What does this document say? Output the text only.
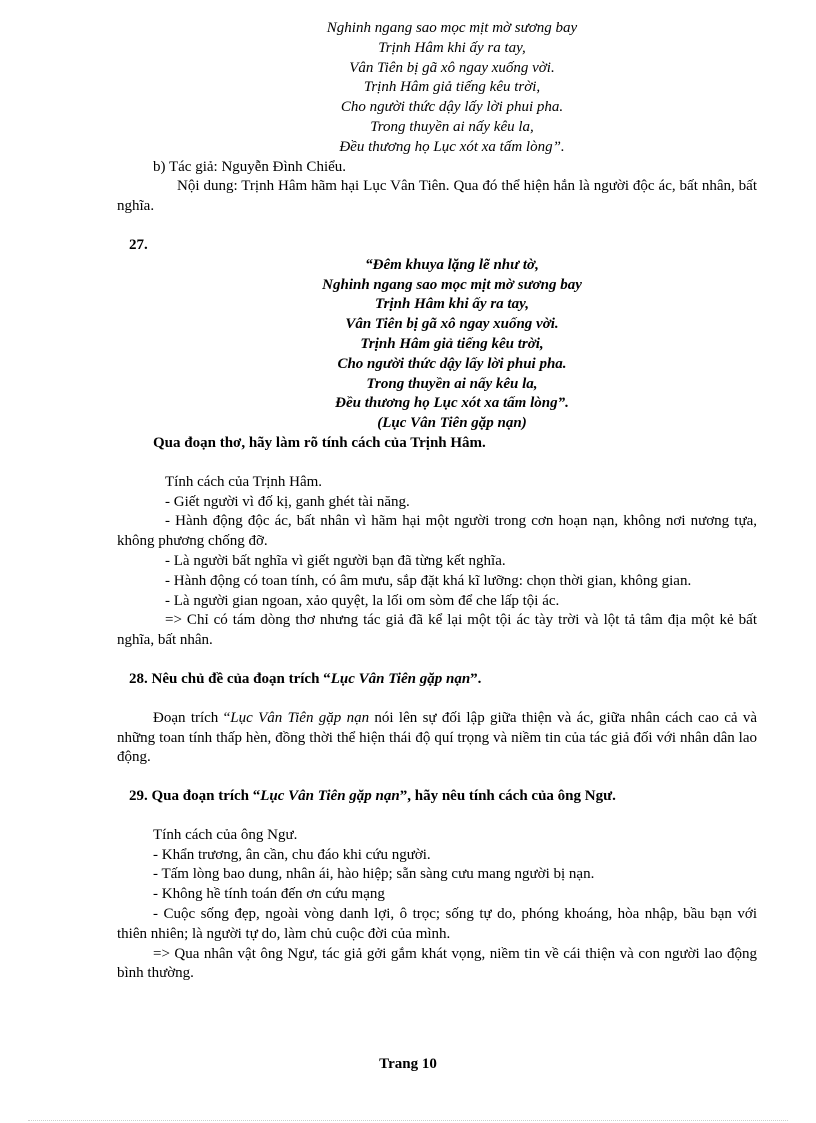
Nghinh ngang sao mọc mịt mờ sương bay
Trịnh Hâm khi ấy ra tay,
Vân Tiên bị gã xô ngay xuống vời.
Trịnh Hâm giả tiếng kêu trời,
Cho người thức dậy lấy lời phui pha.
Trong thuyền ai nấy kêu la,
Đều thương họ Lục xót xa tấm lòng”.

b) Tác giả: Nguyễn Đình Chiểu.

Nội dung: Trịnh Hâm hãm hại Lục Vân Tiên. Qua đó thể hiện hắn là người độc ác, bất nhân, bất nghĩa.

27.

“Đêm khuya lặng lẽ như tờ,
Nghinh ngang sao mọc mịt mờ sương bay
Trịnh Hâm khi ấy ra tay,
Vân Tiên bị gã xô ngay xuống vời.
Trịnh Hâm giả tiếng kêu trời,
Cho người thức dậy lấy lời phui pha.
Trong thuyền ai nấy kêu la,
Đều thương họ Lục xót xa tấm lòng”.
(Lục Vân Tiên gặp nạn)

Qua đoạn thơ, hãy làm rõ tính cách của Trịnh Hâm.

Tính cách của Trịnh Hâm.

- Giết người vì đố kị, ganh ghét tài năng.

- Hành động độc ác, bất nhân vì hãm hại một người trong cơn hoạn nạn, không nơi nương tựa, không phương chống đỡ.

- Là người bất nghĩa vì giết người bạn đã từng kết nghĩa.

- Hành động có toan tính, có âm mưu, sắp đặt khá kĩ lưỡng: chọn thời gian, không gian.

- Là người gian ngoan, xảo quyệt, la lối om sòm để che lấp tội ác.

=> Chỉ có tám dòng thơ nhưng tác giả đã kể lại một tội ác tày trời và lột tả tâm địa một kẻ bất nghĩa, bất nhân.

28. Nêu chủ đề của đoạn trích “Lục Vân Tiên gặp nạn”.

Đoạn trích “Lục Vân Tiên gặp nạn nói lên sự đối lập giữa thiện và ác, giữa nhân cách cao cả và những toan tính thấp hèn, đồng thời thể hiện thái độ quí trọng và niềm tin của tác giả đối với nhân dân lao động.

29. Qua đoạn trích “Lục Vân Tiên gặp nạn”, hãy nêu tính cách của ông Ngư.

Tính cách của ông Ngư.

- Khẩn trương, ân cần, chu đáo khi cứu người.

- Tấm lòng bao dung, nhân ái, hào hiệp; sẵn sàng cưu mang người bị nạn.

- Không hề tính toán đến ơn cứu mạng

- Cuộc sống đẹp, ngoài vòng danh lợi, ô trọc; sống tự do, phóng khoáng, hòa nhập, bầu bạn với thiên nhiên; là người tự do, làm chủ cuộc đời của mình.

=> Qua nhân vật ông Ngư, tác giả gởi gắm khát vọng, niềm tin về cái thiện và con người lao động bình thường.

Trang 10
